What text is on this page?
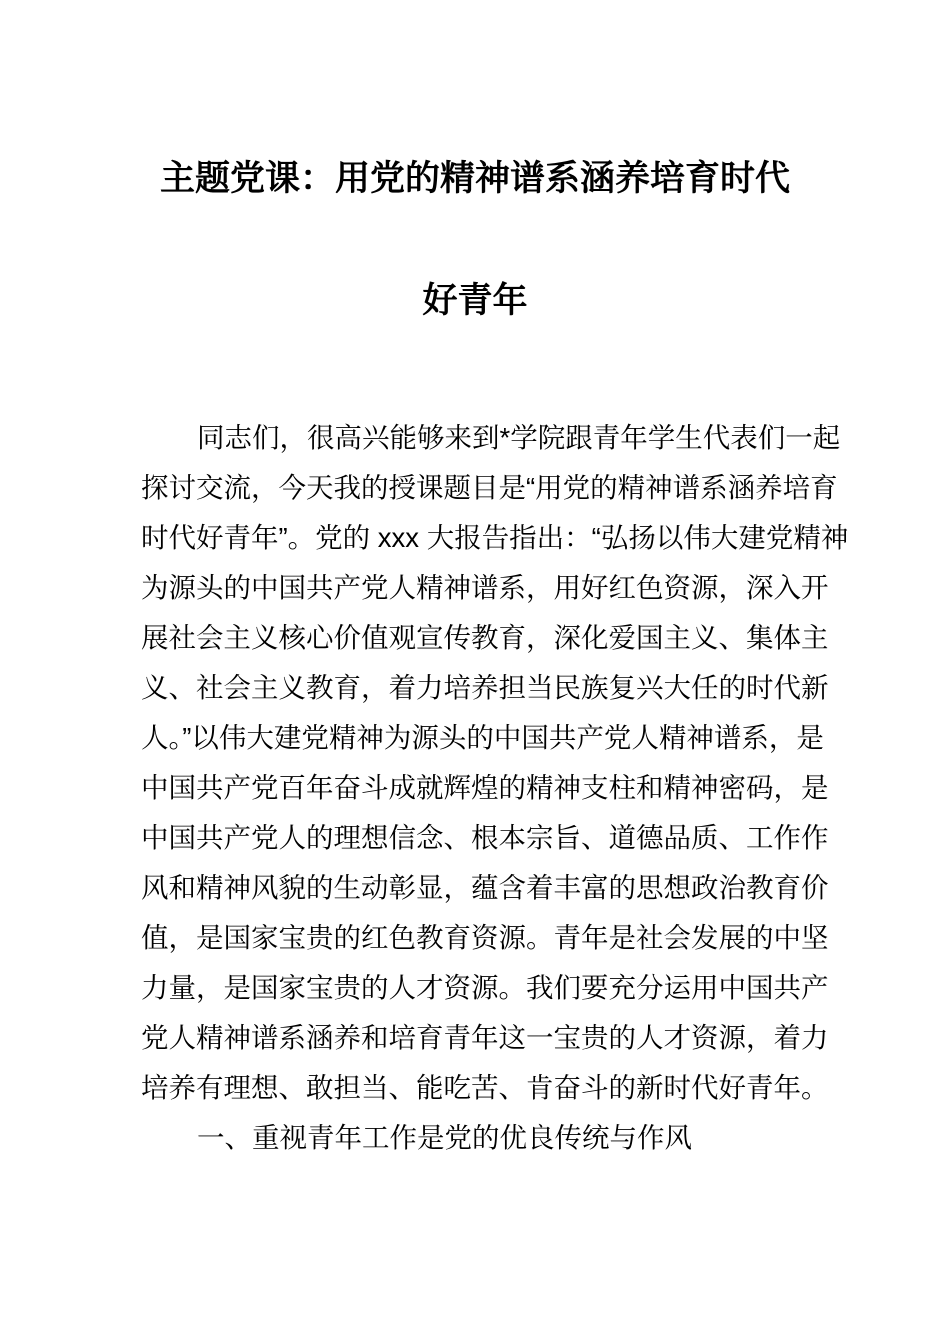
主题党课：用党的精神谱系涵养培育时代
好青年
同志们，很高兴能够来到*学院跟青年学生代表们一起
探讨交流，今天我的授课题目是“用党的精神谱系涵养培育
时代好青年”。党的 xxx 大报告指出：“弘扬以伟大建党精神
为源头的中国共产党人精神谱系，用好红色资源，深入开
展社会主义核心价值观宣传教育，深化爱国主义、集体主
义、社会主义教育，着力培养担当民族复兴大任的时代新
人。”以伟大建党精神为源头的中国共产党人精神谱系，是
中国共产党百年奋斗成就辉煌的精神支柱和精神密码，是
中国共产党人的理想信念、根本宗旨、道德品质、工作作
风和精神风貌的生动彰显，蕴含着丰富的思想政治教育价
值，是国家宝贵的红色教育资源。青年是社会发展的中坚
力量，是国家宝贵的人才资源。我们要充分运用中国共产
党人精神谱系涵养和培育青年这一宝贵的人才资源，着力
培养有理想、敢担当、能吃苦、肯奋斗的新时代好青年。
一、重视青年工作是党的优良传统与作风
